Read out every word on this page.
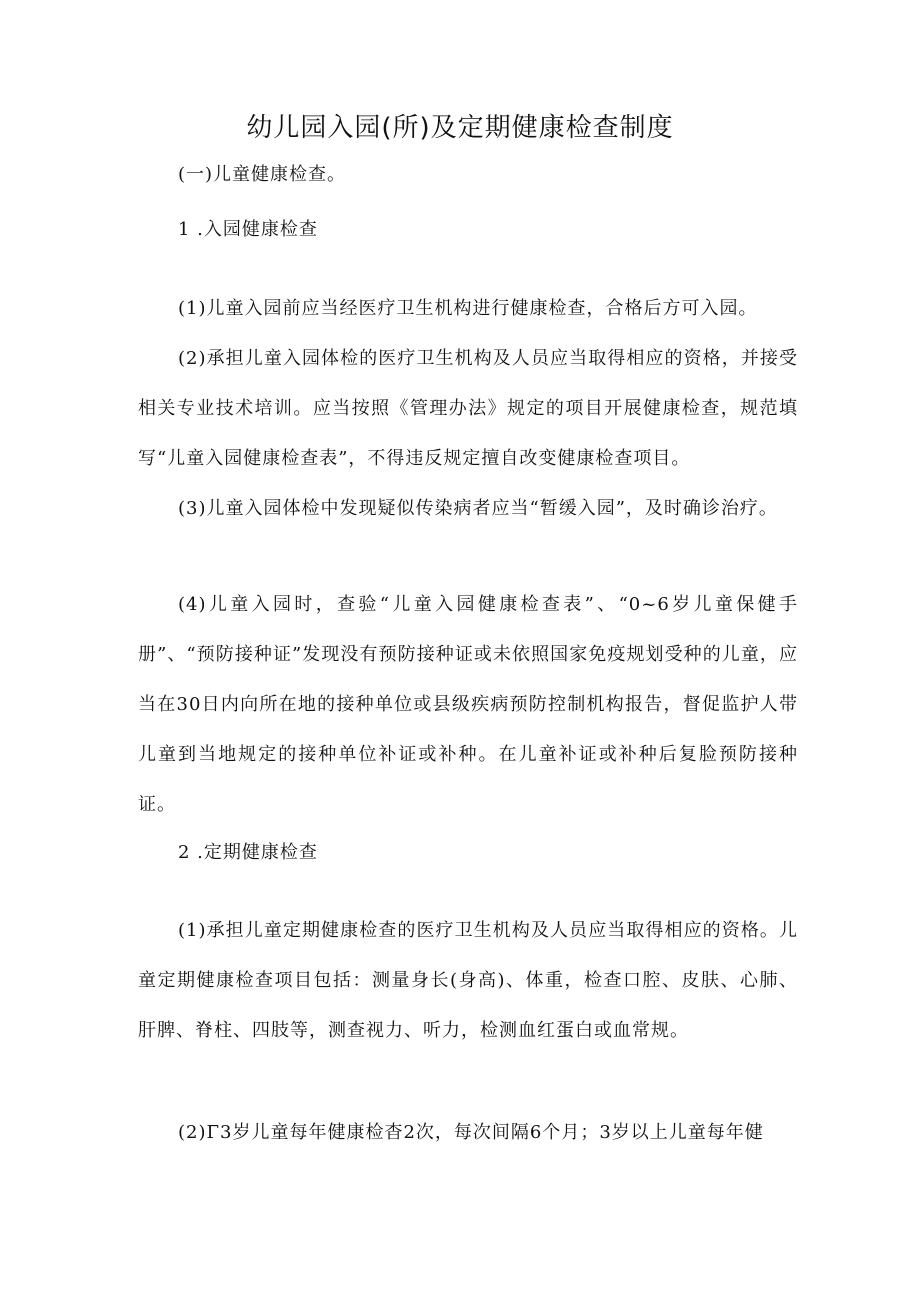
幼儿园入园(所)及定期健康检查制度
(一)儿童健康检查。
1 .入园健康检查

(1)儿童入园前应当经医疗卫生机构进行健康检查，合格后方可入园。

(2)承担儿童入园体检的医疗卫生机构及人员应当取得相应的资格，并接受相关专业技术培训。应当按照《管理办法》规定的项目开展健康检查，规范填写“儿童入园健康检查表”，不得违反规定擅自改变健康检查项目。

(3)儿童入园体检中发现疑似传染病者应当“暂缓入园”，及时确诊治疗。

(4)儿童入园时，查验“儿童入园健康检查表”、“0~6岁儿童保健手册”、“预防接种证”发现没有预防接种证或未依照国家免疫规划受种的儿童，应当在30日内向所在地的接种单位或县级疾病预防控制机构报告，督促监护人带儿童到当地规定的接种单位补证或补种。在儿童补证或补种后复脸预防接种证。

2 .定期健康检查

(1)承担儿童定期健康检查的医疗卫生机构及人员应当取得相应的资格。儿童定期健康检查项目包括：测量身长(身高)、体重，检查口腔、皮肤、心肺、肝脾、脊柱、四肢等，测查视力、听力，检测血红蛋白或血常规。

(2)Γ3岁儿童每年健康检杳2次，每次间隔6个月；3岁以上儿童每年健
